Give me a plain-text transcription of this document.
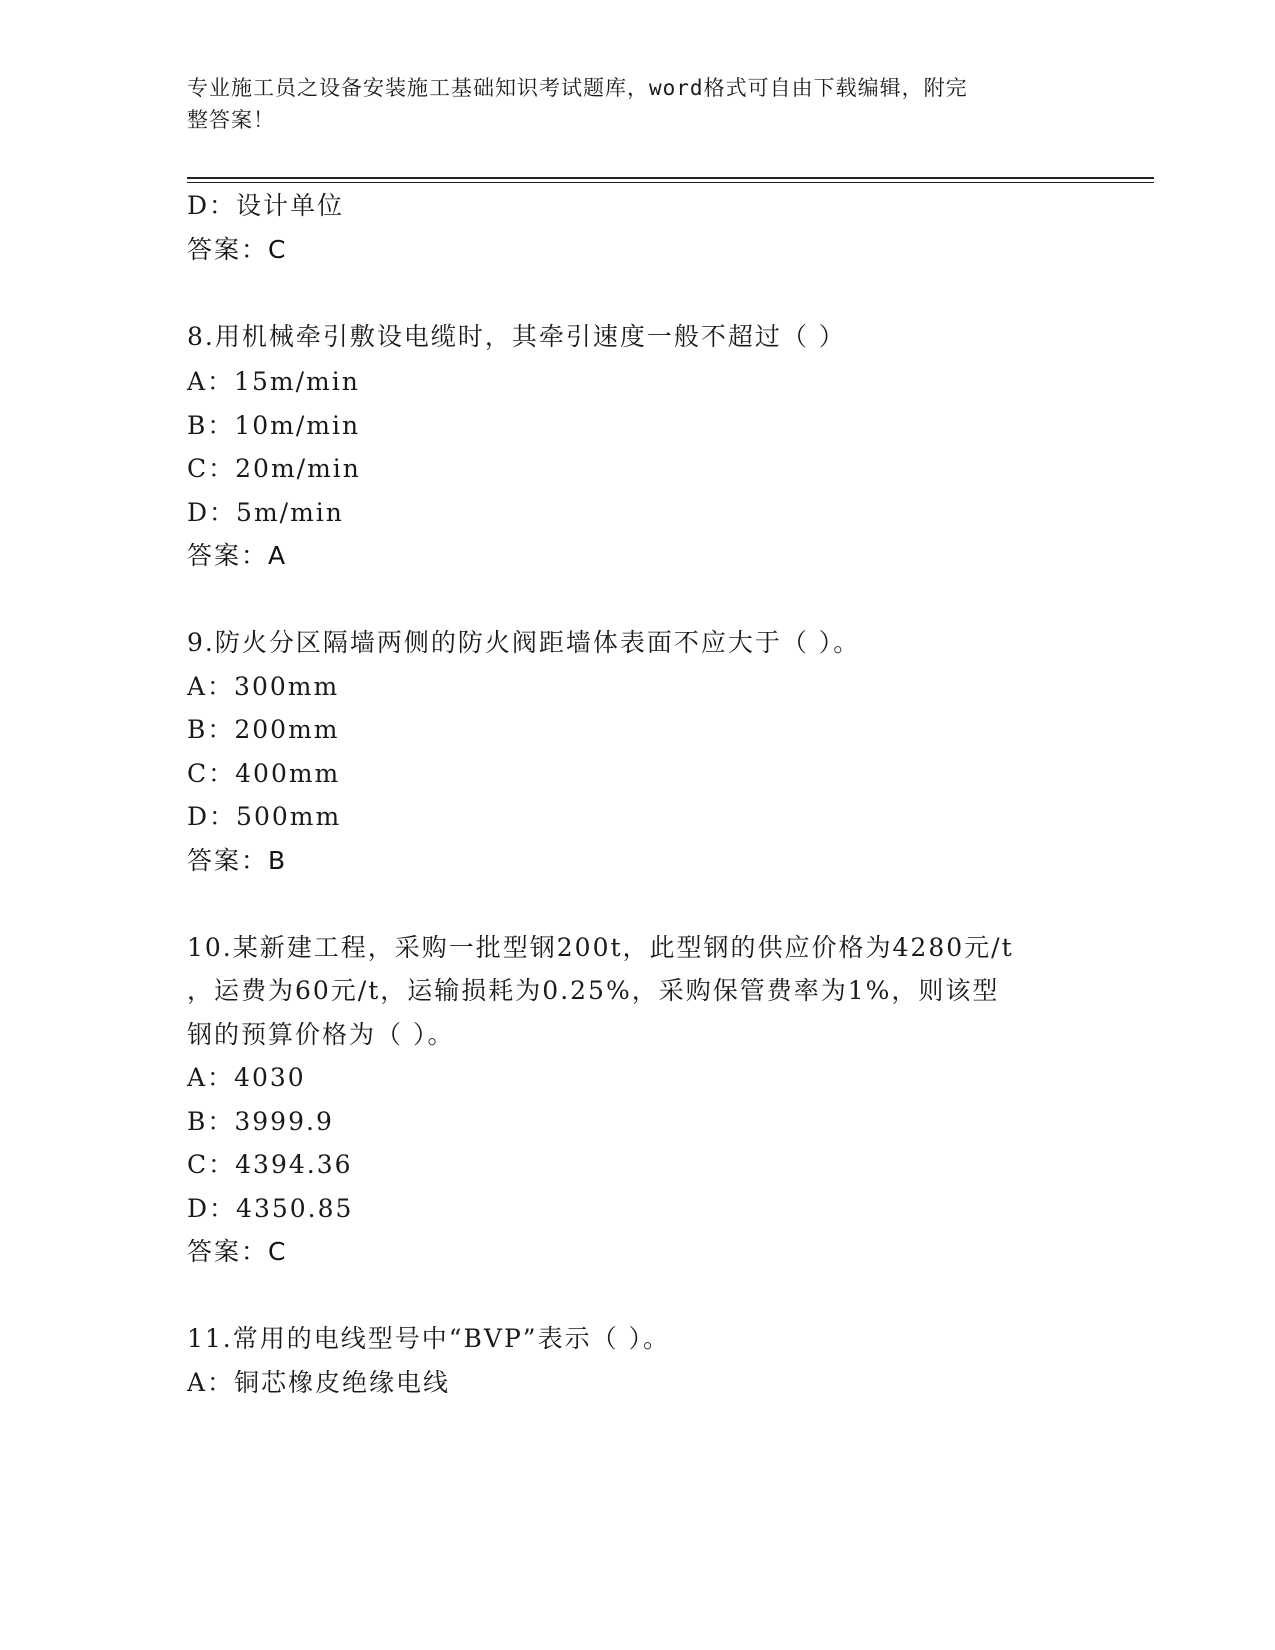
专业施工员之设备安装施工基础知识考试题库，word格式可自由下载编辑，附完
整答案！
D：设计单位
答案：C
8.用机械牵引敷设电缆时，其牵引速度一般不超过（ ）
A：15m/min
B：10m/min
C：20m/min
D：5m/min
答案：A
9.防火分区隔墙两侧的防火阀距墙体表面不应大于（ ）。
A：300mm
B：200mm
C：400mm
D：500mm
答案：B
10.某新建工程，采购一批型钢200t，此型钢的供应价格为4280元/t
，运费为60元/t，运输损耗为0.25%，采购保管费率为1%，则该型
钢的预算价格为（ ）。
A：4030
B：3999.9
C：4394.36
D：4350.85
答案：C
11.常用的电线型号中“BVP”表示（ ）。
A：铜芯橡皮绝缘电线
